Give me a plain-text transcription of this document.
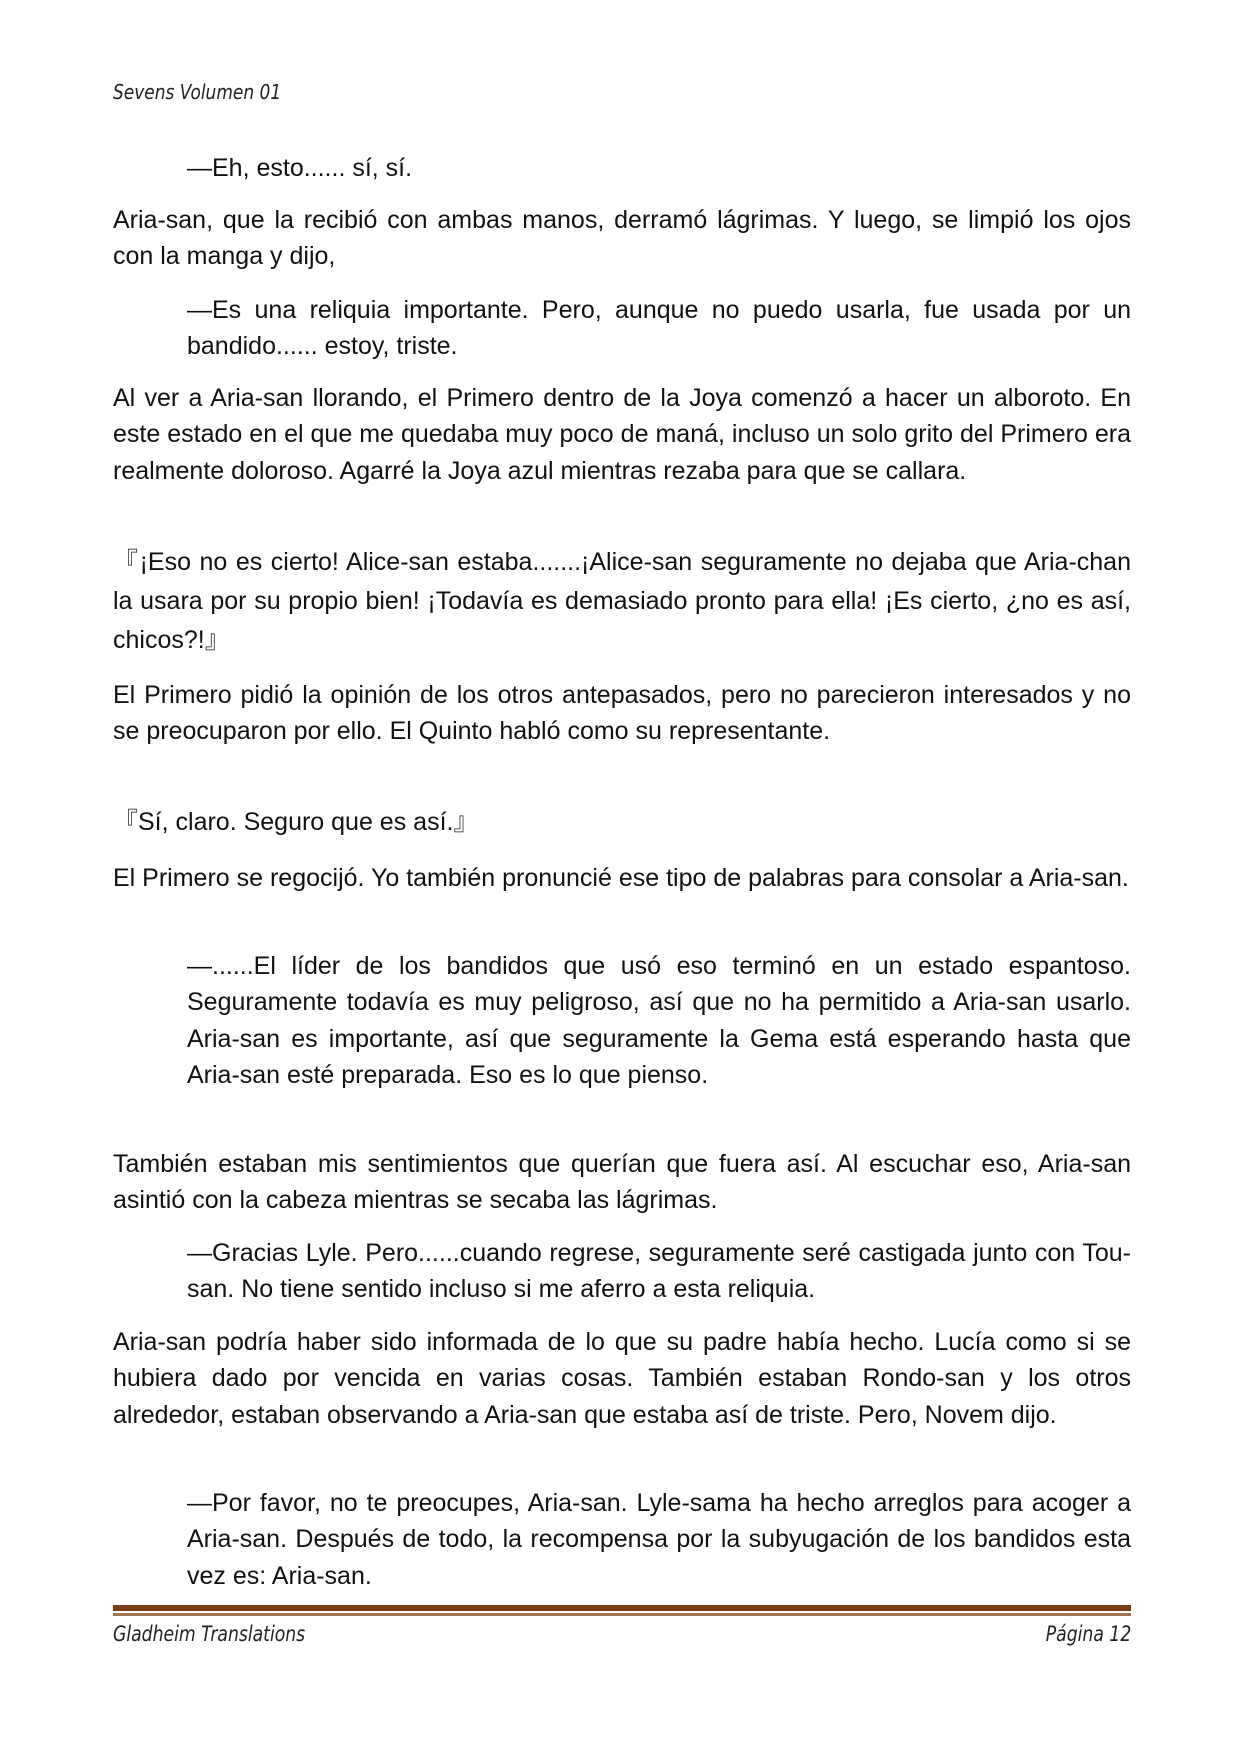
Sevens Volumen 01

—Eh, esto...... sí, sí.

Aria-san, que la recibió con ambas manos, derramó lágrimas. Y luego, se limpió los ojos con la manga y dijo,

—Es una reliquia importante. Pero, aunque no puedo usarla, fue usada por un bandido...... estoy, triste.

Al ver a Aria-san llorando, el Primero dentro de la Joya comenzó a hacer un alboroto. En este estado en el que me quedaba muy poco de maná, incluso un solo grito del Primero era realmente doloroso. Agarré la Joya azul mientras rezaba para que se callara.

『¡Eso no es cierto! Alice-san estaba.......¡Alice-san seguramente no dejaba que Aria-chan la usara por su propio bien! ¡Todavía es demasiado pronto para ella! ¡Es cierto, ¿no es así, chicos?!』

El Primero pidió la opinión de los otros antepasados, pero no parecieron interesados y no se preocuparon por ello. El Quinto habló como su representante.

『Sí, claro. Seguro que es así.』

El Primero se regocijó. Yo también pronuncié ese tipo de palabras para consolar a Aria-san.

—......El líder de los bandidos que usó eso terminó en un estado espantoso. Seguramente todavía es muy peligroso, así que no ha permitido a Aria-san usarlo. Aria-san es importante, así que seguramente la Gema está esperando hasta que Aria-san esté preparada. Eso es lo que pienso.

También estaban mis sentimientos que querían que fuera así. Al escuchar eso, Aria-san asintió con la cabeza mientras se secaba las lágrimas.

—Gracias Lyle. Pero......cuando regrese, seguramente seré castigada junto con Tou-san. No tiene sentido incluso si me aferro a esta reliquia.

Aria-san podría haber sido informada de lo que su padre había hecho. Lucía como si se hubiera dado por vencida en varias cosas. También estaban Rondo-san y los otros alrededor, estaban observando a Aria-san que estaba así de triste. Pero, Novem dijo.

—Por favor, no te preocupes, Aria-san. Lyle-sama ha hecho arreglos para acoger a Aria-san. Después de todo, la recompensa por la subyugación de los bandidos esta vez es: Aria-san.

Gladheim Translations	Página 12
